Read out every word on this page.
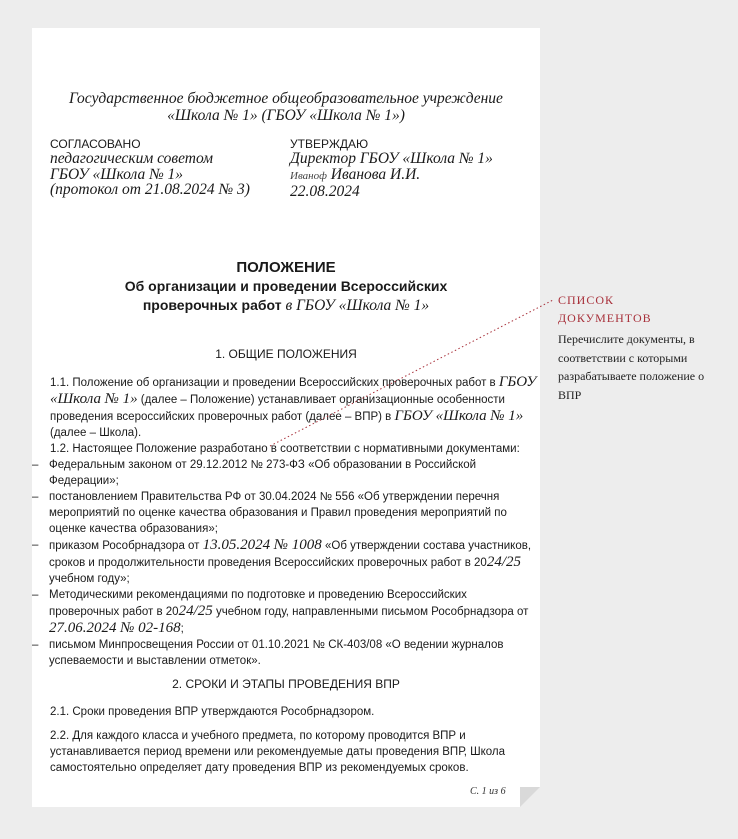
Государственное бюджетное общеобразовательное учреждение
«Школа № 1» (ГБОУ «Школа № 1»)
СОГЛАСОВАНО
педагогическим советом
ГБОУ «Школа № 1»
(протокол от 21.08.2024 № 3)
УТВЕРЖДАЮ
Директор ГБОУ «Школа № 1»
Иваноф Иванова И.И.
22.08.2024
ПОЛОЖЕНИЕ
Об организации и проведении Всероссийских
проверочных работ в ГБОУ «Школа № 1»
1. ОБЩИЕ ПОЛОЖЕНИЯ
1.1. Положение об организации и проведении Всероссийских проверочных работ в ГБОУ «Школа № 1» (далее – Положение) устанавливает организационные особенности проведения всероссийских проверочных работ (далее – ВПР) в ГБОУ «Школа № 1» (далее – Школа).
1.2. Настоящее Положение разработано в соответствии с нормативными документами:
– Федеральным законом от 29.12.2012 № 273-ФЗ «Об образовании в Российской Федерации»;
– постановлением Правительства РФ от 30.04.2024 № 556 «Об утверждении перечня мероприятий по оценке качества образования и Правил проведения мероприятий по оценке качества образования»;
– приказом Рособрнадзора от 13.05.2024 № 1008 «Об утверждении состава участников, сроков и продолжительности проведения Всероссийских проверочных работ в 2024/25 учебном году»;
– Методическими рекомендациями по подготовке и проведению Всероссийских проверочных работ в 2024/25 учебном году, направленными письмом Рособрнадзора от 27.06.2024 № 02-168;
– письмом Минпросвещения России от 01.10.2021 № СК-403/08 «О ведении журналов успеваемости и выставлении отметок».
2. СРОКИ И ЭТАПЫ ПРОВЕДЕНИЯ ВПР
2.1. Сроки проведения ВПР утверждаются Рособрнадзором.
2.2. Для каждого класса и учебного предмета, по которому проводится ВПР и устанавливается период времени или рекомендуемые даты проведения ВПР, Школа самостоятельно определяет дату проведения ВПР из рекомендуемых сроков.
С. 1 из 6
СПИСОК
ДОКУМЕНТОВ
Перечислите документы, в соответствии с которыми разрабатываете положение о ВПР
